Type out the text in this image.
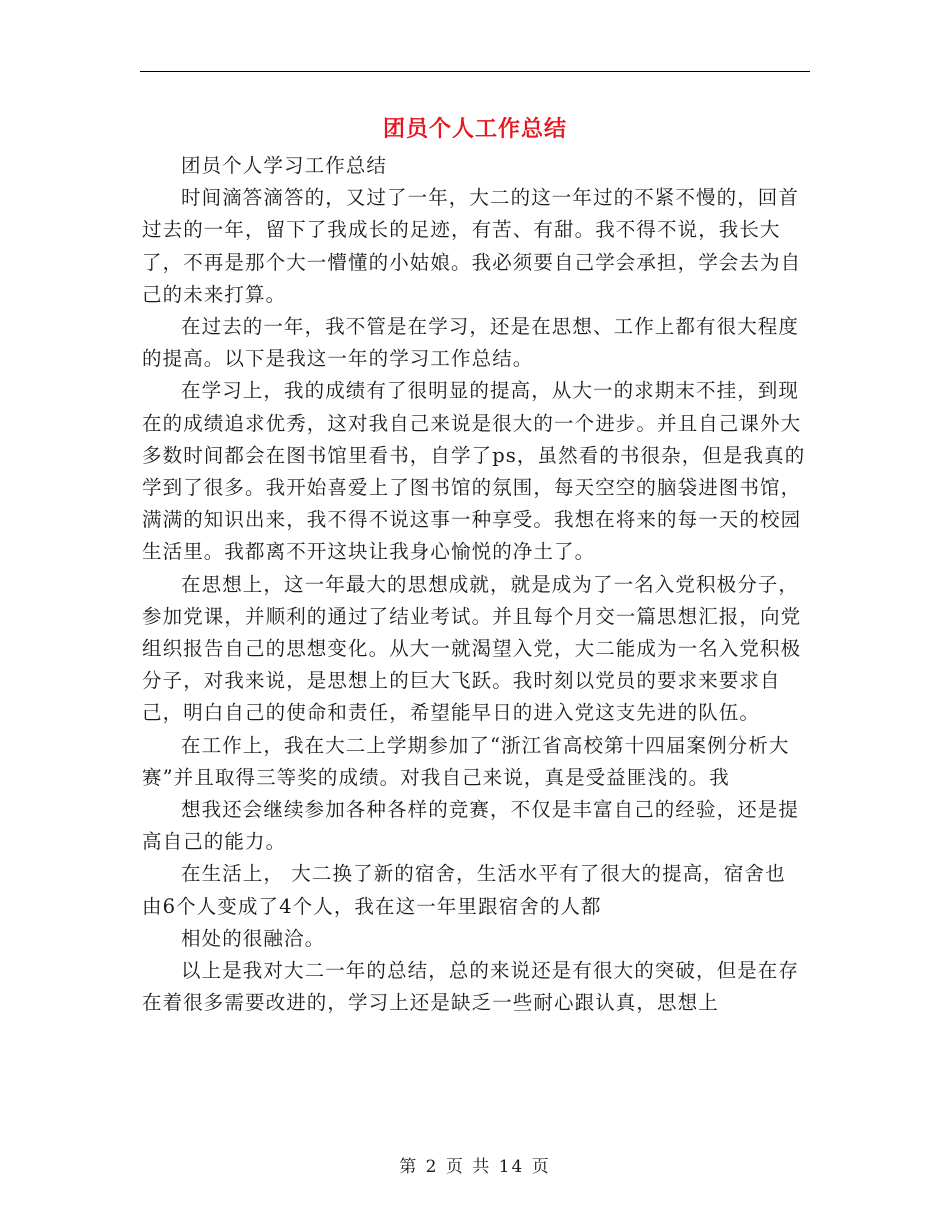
团员个人工作总结

团员个人学习工作总结

时间滴答滴答的，又过了一年，大二的这一年过的不紧不慢的，回首过去的一年，留下了我成长的足迹，有苦、有甜。我不得不说，我长大了，不再是那个大一懵懂的小姑娘。我必须要自己学会承担，学会去为自己的未来打算。

在过去的一年，我不管是在学习，还是在思想、工作上都有很大程度的提高。以下是我这一年的学习工作总结。

在学习上，我的成绩有了很明显的提高，从大一的求期末不挂，到现在的成绩追求优秀，这对我自己来说是很大的一个进步。并且自己课外大多数时间都会在图书馆里看书，自学了ps，虽然看的书很杂，但是我真的学到了很多。我开始喜爱上了图书馆的氛围，每天空空的脑袋进图书馆，满满的知识出来，我不得不说这事一种享受。我想在将来的每一天的校园生活里。我都离不开这块让我身心愉悦的净土了。

在思想上，这一年最大的思想成就，就是成为了一名入党积极分子，参加党课，并顺利的通过了结业考试。并且每个月交一篇思想汇报，向党组织报告自己的思想变化。从大一就渴望入党，大二能成为一名入党积极分子，对我来说，是思想上的巨大飞跃。我时刻以党员的要求来要求自己，明白自己的使命和责任，希望能早日的进入党这支先进的队伍。

在工作上，我在大二上学期参加了“浙江省高校第十四届案例分析大赛”并且取得三等奖的成绩。对我自己来说，真是受益匪浅的。我

想我还会继续参加各种各样的竞赛，不仅是丰富自己的经验，还是提高自己的能力。

在生活上， 大二换了新的宿舍，生活水平有了很大的提高，宿舍也由6个人变成了4个人，我在这一年里跟宿舍的人都

相处的很融洽。

以上是我对大二一年的总结，总的来说还是有很大的突破，但是在存在着很多需要改进的，学习上还是缺乏一些耐心跟认真，思想上

第 2 页 共 14 页
